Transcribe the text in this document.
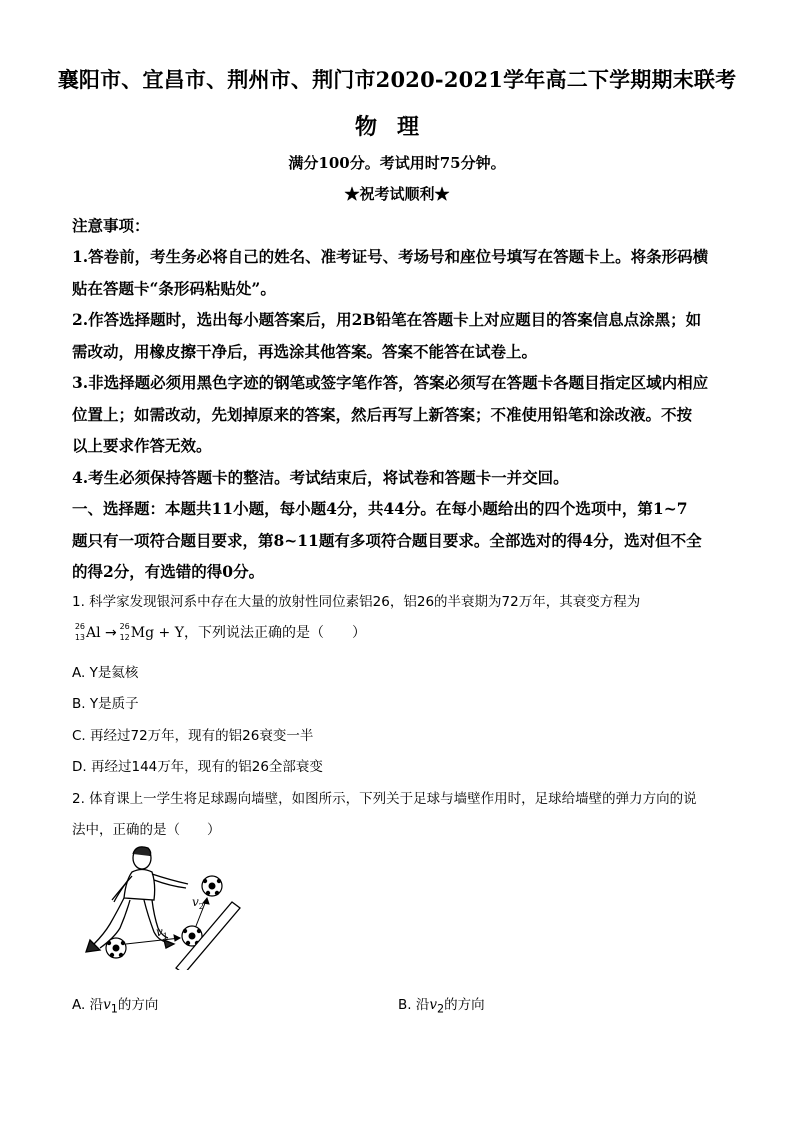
襄阳市、宜昌市、荆州市、荆门市2020-2021学年高二下学期期末联考
物理
满分100分。考试用时75分钟。
★祝考试顺利★
注意事项：
1.答卷前，考生务必将自己的姓名、准考证号、考场号和座位号填写在答题卡上。将条形码横
贴在答题卡“条形码粘贴处”。
2.作答选择题时，选出每小题答案后，用2B铅笔在答题卡上对应题目的答案信息点涂黑；如
需改动，用橡皮擦干净后，再选涂其他答案。答案不能答在试卷上。
3.非选择题必须用黑色字迹的钢笔或签字笔作答，答案必须写在答题卡各题目指定区域内相应
位置上；如需改动，先划掉原来的答案，然后再写上新答案；不准使用铅笔和涂改液。不按
以上要求作答无效。
4.考生必须保持答题卡的整洁。考试结束后，将试卷和答题卡一并交回。
一、选择题：本题共11小题，每小题4分，共44分。在每小题给出的四个选项中，第1~7
题只有一项符合题目要求，第8~11题有多项符合题目要求。全部选对的得4分，选对但不全
的得2分，有选错的得0分。
1. 科学家发现银河系中存在大量的放射性同位素铝26，铝26的半衰期为72万年，其衰变方程为
26
13 Al → 26
12 Mg + Y，下列说法正确的是（　　）
A. Y是氦核
B. Y是质子
C. 再经过72万年，现有的铝26衰变一半
D. 再经过144万年，现有的铝26全部衰变
2. 体育课上一学生将足球踢向墙壁，如图所示，下列关于足球与墙壁作用时，足球给墙壁的弹力方向的说
法中，正确的是（　　）
$v_1$
$v_2$
A. 沿$v_1$的方向	B. 沿$v_2$的方向
